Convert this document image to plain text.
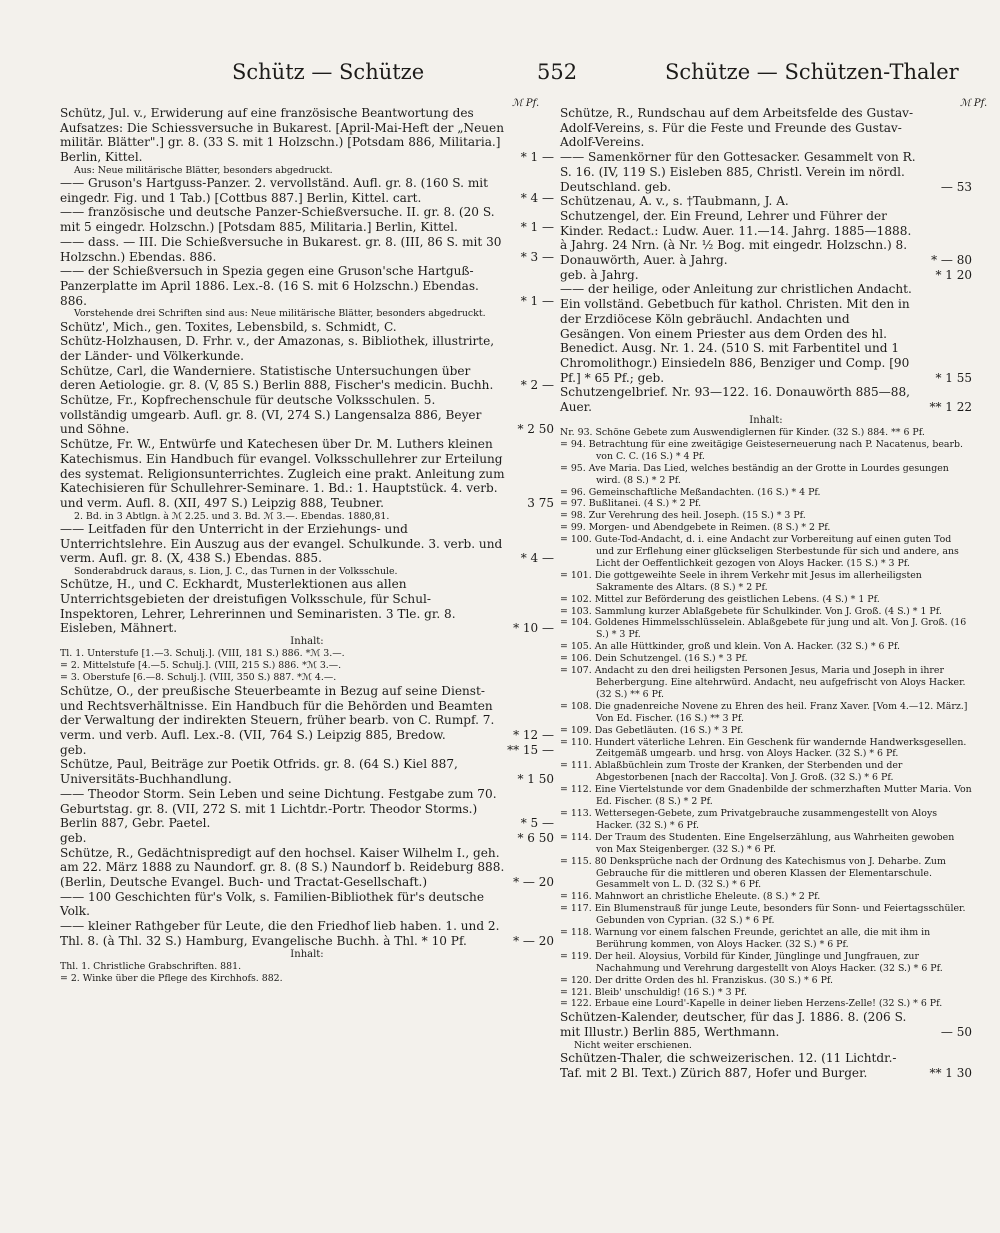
Schütz — Schütze	552	Schütze — Schützen-Thaler
ℳ Pf.	ℳ Pf.
Schütz, Jul. v., Erwiderung auf eine französische Beantwortung des Aufsatzes: Die Schiessversuche in Bukarest. [April-Mai-Heft der „Neuen militär. Blätter".] gr. 8. (33 S. mit 1 Holzschn.) [Potsdam 886, Militaria.] Berlin, Kittel.	* 1 —
Aus: Neue militärische Blätter, besonders abgedruckt.
—— Gruson's Hartguss-Panzer. 2. vervollständ. Aufl. gr. 8. (160 S. mit eingedr. Fig. und 1 Tab.) [Cottbus 887.] Berlin, Kittel. cart.	* 4 —
—— französische und deutsche Panzer-Schießversuche. II. gr. 8. (20 S. mit 5 eingedr. Holzschn.) [Potsdam 885, Militaria.] Berlin, Kittel.	* 1 —
—— dass. — III. Die Schießversuche in Bukarest. gr. 8. (III, 86 S. mit 30 Holzschn.) Ebendas. 886.	* 3 —
—— der Schießversuch in Spezia gegen eine Gruson'sche Hartguß-Panzerplatte im April 1886. Lex.-8. (16 S. mit 6 Holzschn.) Ebendas. 886.	* 1 —
Vorstehende drei Schriften sind aus: Neue militärische Blätter, besonders abgedruckt.
Schütz', Mich., gen. Toxites, Lebensbild, s. Schmidt, C.
Schütz-Holzhausen, D. Frhr. v., der Amazonas, s. Bibliothek, illustrirte, der Länder- und Völkerkunde.
Schütze, Carl, die Wanderniere. Statistische Untersuchungen über deren Aetiologie. gr. 8. (V, 85 S.) Berlin 888, Fischer's medicin. Buchh.	* 2 —
Schütze, Fr., Kopfrechenschule für deutsche Volksschulen. 5. vollständig umgearb. Aufl. gr. 8. (VI, 274 S.) Langensalza 886, Beyer und Söhne.	* 2 50
Schütze, Fr. W., Entwürfe und Katechesen über Dr. M. Luthers kleinen Katechismus. Ein Handbuch für evangel. Volksschullehrer zur Erteilung des systemat. Religionsunterrichtes. Zugleich eine prakt. Anleitung zum Katechisieren für Schullehrer-Seminare. 1. Bd.: 1. Hauptstück. 4. verb. und verm. Aufl. 8. (XII, 497 S.) Leipzig 888, Teubner.	3 75
2. Bd. in 3 Abtlgn. à ℳ 2.25. und 3. Bd. ℳ 3.—. Ebendas. 1880,81.
—— Leitfaden für den Unterricht in der Erziehungs- und Unterrichtslehre. Ein Auszug aus der evangel. Schulkunde. 3. verb. und verm. Aufl. gr. 8. (X, 438 S.) Ebendas. 885.	* 4 —
Sonderabdruck daraus, s. Lion, J. C., das Turnen in der Volksschule.
Schütze, H., und C. Eckhardt, Musterlektionen aus allen Unterrichtsgebieten der dreistufigen Volksschule, für Schul-Inspektoren, Lehrer, Lehrerinnen und Seminaristen. 3 Tle. gr. 8. Eisleben, Mähnert.	* 10 —
Inhalt:
Tl. 1. Unterstufe [1.—3. Schulj.]. (VIII, 181 S.) 886. *ℳ 3.—.
= 2. Mittelstufe [4.—5. Schulj.]. (VIII, 215 S.) 886. *ℳ 3.—.
= 3. Oberstufe [6.—8. Schulj.]. (VIII, 350 S.) 887. *ℳ 4.—.
Schütze, O., der preußische Steuerbeamte in Bezug auf seine Dienst- und Rechtsverhältnisse. Ein Handbuch für die Behörden und Beamten der Verwaltung der indirekten Steuern, früher bearb. von C. Rumpf. 7. verm. und verb. Aufl. Lex.-8. (VII, 764 S.) Leipzig 885, Bredow.	* 12 —
geb.	** 15 —
Schütze, Paul, Beiträge zur Poetik Otfrids. gr. 8. (64 S.) Kiel 887, Universitäts-Buchhandlung.	* 1 50
—— Theodor Storm. Sein Leben und seine Dichtung. Festgabe zum 70. Geburtstag. gr. 8. (VII, 272 S. mit 1 Lichtdr.-Portr. Theodor Storms.) Berlin 887, Gebr. Paetel.	* 5 —
geb.	* 6 50
Schütze, R., Gedächtnispredigt auf den hochsel. Kaiser Wilhelm I., geh. am 22. März 1888 zu Naundorf. gr. 8. (8 S.) Naundorf b. Reideburg 888. (Berlin, Deutsche Evangel. Buch- und Tractat-Gesellschaft.)	* — 20
—— 100 Geschichten für's Volk, s. Familien-Bibliothek für's deutsche Volk.
—— kleiner Rathgeber für Leute, die den Friedhof lieb haben. 1. und 2. Thl. 8. (à Thl. 32 S.) Hamburg, Evangelische Buchh. à Thl. * 10 Pf.	* — 20
Inhalt:
Thl. 1. Christliche Grabschriften. 881.
= 2. Winke über die Pflege des Kirchhofs. 882.
Schütze, R., Rundschau auf dem Arbeitsfelde des Gustav-Adolf-Vereins, s. Für die Feste und Freunde des Gustav-Adolf-Vereins.
—— Samenkörner für den Gottesacker. Gesammelt von R. S. 16. (IV, 119 S.) Eisleben 885, Christl. Verein im nördl. Deutschland. geb.	— 53
Schützenau, A. v., s. †Taubmann, J. A.
Schutzengel, der. Ein Freund, Lehrer und Führer der Kinder. Redact.: Ludw. Auer. 11.—14. Jahrg. 1885—1888. à Jahrg. 24 Nrn. (à Nr. ½ Bog. mit eingedr. Holzschn.) 8. Donauwörth, Auer. à Jahrg.	* — 80
geb. à Jahrg.	* 1 20
—— der heilige, oder Anleitung zur christlichen Andacht. Ein vollständ. Gebetbuch für kathol. Christen. Mit den in der Erzdiöcese Köln gebräuchl. Andachten und Gesängen. Von einem Priester aus dem Orden des hl. Benedict. Ausg. Nr. 1. 24. (510 S. mit Farbentitel und 1 Chromolithogr.) Einsiedeln 886, Benziger und Comp. [90 Pf.] * 65 Pf.; geb.	* 1 55
Schutzengelbrief. Nr. 93—122. 16. Donauwörth 885—88, Auer.	** 1 22
Inhalt:
Nr. 93. Schöne Gebete zum Auswendiglernen für Kinder. (32 S.) 884. ** 6 Pf.
= 94. Betrachtung für eine zweitägige Geisteserneuerung nach P. Nacatenus, bearb. von C. C. (16 S.) * 4 Pf.
= 95. Ave Maria. Das Lied, welches beständig an der Grotte in Lourdes gesungen wird. (8 S.) * 2 Pf.
= 96. Gemeinschaftliche Meßandachten. (16 S.) * 4 Pf.
= 97. Bußlitanei. (4 S.) * 2 Pf.
= 98. Zur Verehrung des heil. Joseph. (15 S.) * 3 Pf.
= 99. Morgen- und Abendgebete in Reimen. (8 S.) * 2 Pf.
= 100. Gute-Tod-Andacht, d. i. eine Andacht zur Vorbereitung auf einen guten Tod und zur Erflehung einer glückseligen Sterbestunde für sich und andere, ans Licht der Oeffentlichkeit gezogen von Aloys Hacker. (15 S.) * 3 Pf.
= 101. Die gottgeweihte Seele in ihrem Verkehr mit Jesus im allerheiligsten Sakramente des Altars. (8 S.) * 2 Pf.
= 102. Mittel zur Beförderung des geistlichen Lebens. (4 S.) * 1 Pf.
= 103. Sammlung kurzer Ablaßgebete für Schulkinder. Von J. Groß. (4 S.) * 1 Pf.
= 104. Goldenes Himmelsschlüsselein. Ablaßgebete für jung und alt. Von J. Groß. (16 S.) * 3 Pf.
= 105. An alle Hüttkinder, groß und klein. Von A. Hacker. (32 S.) * 6 Pf.
= 106. Dein Schutzengel. (16 S.) * 3 Pf.
= 107. Andacht zu den drei heiligsten Personen Jesus, Maria und Joseph in ihrer Beherbergung. Eine altehrwürd. Andacht, neu aufgefrischt von Aloys Hacker. (32 S.) ** 6 Pf.
= 108. Die gnadenreiche Novene zu Ehren des heil. Franz Xaver. [Vom 4.—12. März.] Von Ed. Fischer. (16 S.) ** 3 Pf.
= 109. Das Gebetläuten. (16 S.) * 3 Pf.
= 110. Hundert väterliche Lehren. Ein Geschenk für wandernde Handwerksgesellen. Zeitgemäß umgearb. und hrsg. von Aloys Hacker. (32 S.) * 6 Pf.
= 111. Ablaßbüchlein zum Troste der Kranken, der Sterbenden und der Abgestorbenen [nach der Raccolta]. Von J. Groß. (32 S.) * 6 Pf.
= 112. Eine Viertelstunde vor dem Gnadenbilde der schmerzhaften Mutter Maria. Von Ed. Fischer. (8 S.) * 2 Pf.
= 113. Wettersegen-Gebete, zum Privatgebrauche zusammengestellt von Aloys Hacker. (32 S.) * 6 Pf.
= 114. Der Traum des Studenten. Eine Engelserzählung, aus Wahrheiten gewoben von Max Steigenberger. (32 S.) * 6 Pf.
= 115. 80 Denksprüche nach der Ordnung des Katechismus von J. Deharbe. Zum Gebrauche für die mittleren und oberen Klassen der Elementarschule. Gesammelt von L. D. (32 S.) * 6 Pf.
= 116. Mahnwort an christliche Eheleute. (8 S.) * 2 Pf.
= 117. Ein Blumenstrauß für junge Leute, besonders für Sonn- und Feiertagsschüler. Gebunden von Cyprian. (32 S.) * 6 Pf.
= 118. Warnung vor einem falschen Freunde, gerichtet an alle, die mit ihm in Berührung kommen, von Aloys Hacker. (32 S.) * 6 Pf.
= 119. Der heil. Aloysius, Vorbild für Kinder, Jünglinge und Jungfrauen, zur Nachahmung und Verehrung dargestellt von Aloys Hacker. (32 S.) * 6 Pf.
= 120. Der dritte Orden des hl. Franziskus. (30 S.) * 6 Pf.
= 121. Bleib' unschuldig! (16 S.) * 3 Pf.
= 122. Erbaue eine Lourd'-Kapelle in deiner lieben Herzens-Zelle! (32 S.) * 6 Pf.
Schützen-Kalender, deutscher, für das J. 1886. 8. (206 S. mit Illustr.) Berlin 885, Werthmann.	— 50
Nicht weiter erschienen.
Schützen-Thaler, die schweizerischen. 12. (11 Lichtdr.-Taf. mit 2 Bl. Text.) Zürich 887, Hofer und Burger.	** 1 30
